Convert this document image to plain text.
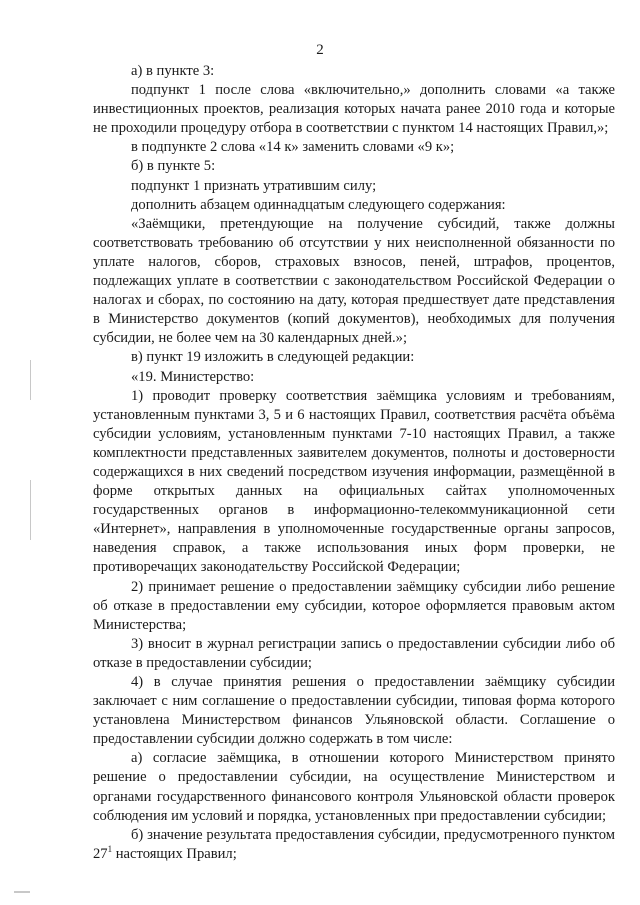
2

а) в пункте 3:

подпункт 1 после слова «включительно,» дополнить словами «а также инвестиционных проектов, реализация которых начата ранее 2010 года и которые не проходили процедуру отбора в соответствии с пунктом 14 настоящих Правил,»;

в подпункте 2 слова «14 к» заменить словами «9 к»;

б) в пункте 5:

подпункт 1 признать утратившим силу;

дополнить абзацем одиннадцатым следующего содержания:

«Заёмщики, претендующие на получение субсидий, также должны соответствовать требованию об отсутствии у них неисполненной обязанности по уплате налогов, сборов, страховых взносов, пеней, штрафов, процентов, подлежащих уплате в соответствии с законодательством Российской Федерации о налогах и сборах, по состоянию на дату, которая предшествует дате представления в Министерство документов (копий документов), необходимых для получения субсидии, не более чем на 30 календарных дней.»;

в) пункт 19 изложить в следующей редакции:

«19. Министерство:

1) проводит проверку соответствия заёмщика условиям и требованиям, установленным пунктами 3, 5 и 6 настоящих Правил, соответствия расчёта объёма субсидии условиям, установленным пунктами 7-10 настоящих Правил, а также комплектности представленных заявителем документов, полноты и достоверности содержащихся в них сведений посредством изучения информации, размещённой в форме открытых данных на официальных сайтах уполномоченных государственных органов в информационно-телекоммуникационной сети «Интернет», направления в уполномоченные государственные органы запросов, наведения справок, а также использования иных форм проверки, не противоречащих законодательству Российской Федерации;

2) принимает решение о предоставлении заёмщику субсидии либо решение об отказе в предоставлении ему субсидии, которое оформляется правовым актом Министерства;

3) вносит в журнал регистрации запись о предоставлении субсидии либо об отказе в предоставлении субсидии;

4) в случае принятия решения о предоставлении заёмщику субсидии заключает с ним соглашение о предоставлении субсидии, типовая форма которого установлена Министерством финансов Ульяновской области. Соглашение о предоставлении субсидии должно содержать в том числе:

а) согласие заёмщика, в отношении которого Министерством принято решение о предоставлении субсидии, на осуществление Министерством и органами государственного финансового контроля Ульяновской области проверок соблюдения им условий и порядка, установленных при предоставлении субсидии;

б) значение результата предоставления субсидии, предусмотренного пунктом $27^1$ настоящих Правил;
